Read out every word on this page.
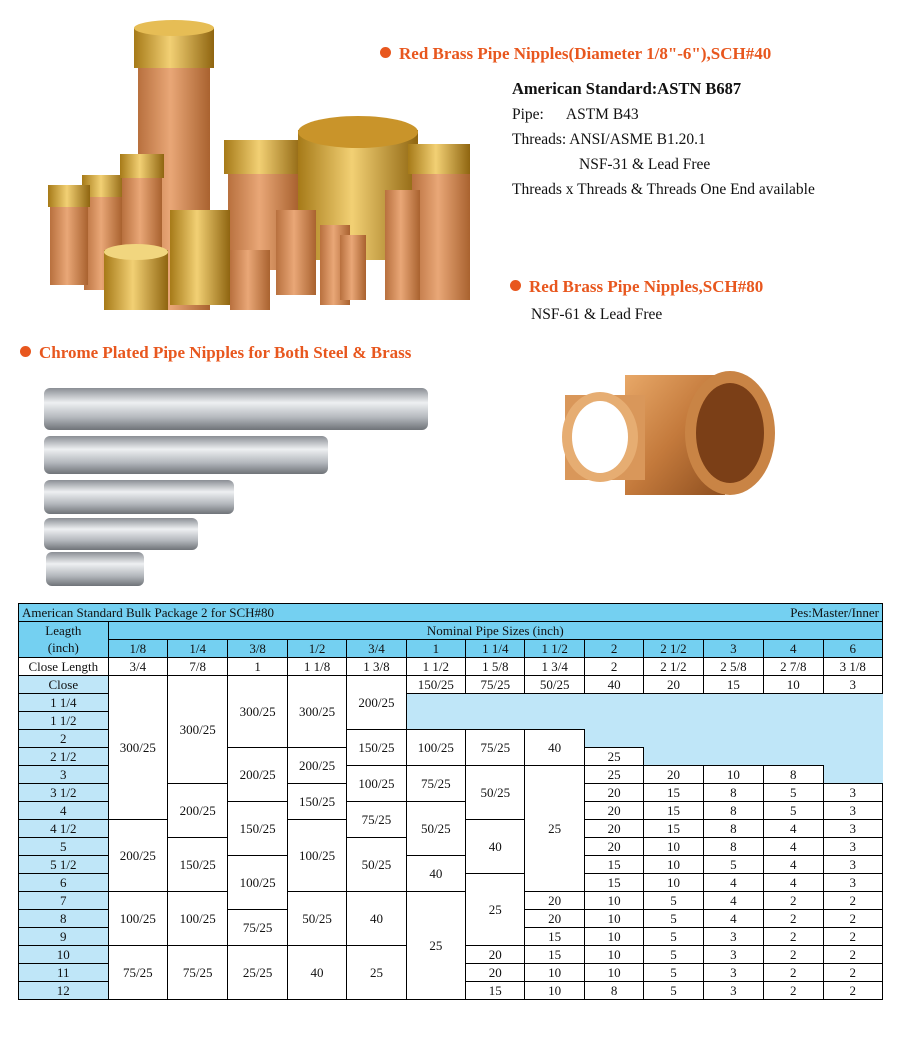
Red Brass Pipe Nipples(Diameter 1/8"-6"),SCH#40
American Standard:ASTN B687
Pipe: ASTM B43
Threads: ANSI/ASME B1.20.1
NSF-31 & Lead Free
Threads x Threads & Threads One End available
Red Brass Pipe Nipples,SCH#80
NSF-61 & Lead Free
Chrome Plated Pipe Nipples for Both Steel & Brass
American Standard Bulk Package 2 for SCH#80							Pes:Master/Inner						
Leagth	Nominal Pipe Sizes (inch)												
(inch)	1/8	1/4	3/8	1/2	3/4	1	1 1/4	1 1/2	2	2 1/2	3	4	6
Close Length	3/4	7/8	1	1 1/8	1 3/8	1 1/2	1 5/8	1 3/4	2	2 1/2	2 5/8	2 7/8	3 1/8
Close	300/25	300/25	300/25	300/25	200/25	150/25	75/25	50/25	40	20	15	10	3
1 1/4													
1 1/2													
2					150/25	100/25	75/25	40					
2 1/2			200/25	200/25					25				
3					100/25	75/25	50/25	25	25	20	10	8	
3 1/2		200/25		150/25					20	15	8	5	3
4			150/25		75/25	50/25			20	15	8	5	3
4 1/2	200/25			100/25			40		20	15	8	4	3
5		150/25			50/25				20	10	8	4	3
5 1/2			100/25			40			15	10	5	4	3
6							25		15	10	4	4	3
7	100/25	100/25		50/25	40	25		20	10	5	4	2	2
8			75/25					20	10	5	4	2	2
9								15	10	5	3	2	2
10	75/25	75/25	25/25	40	25		20	15	10	5	3	2	2
11							20	10	10	5	3	2	2
12							15	10	8	5	3	2	2
